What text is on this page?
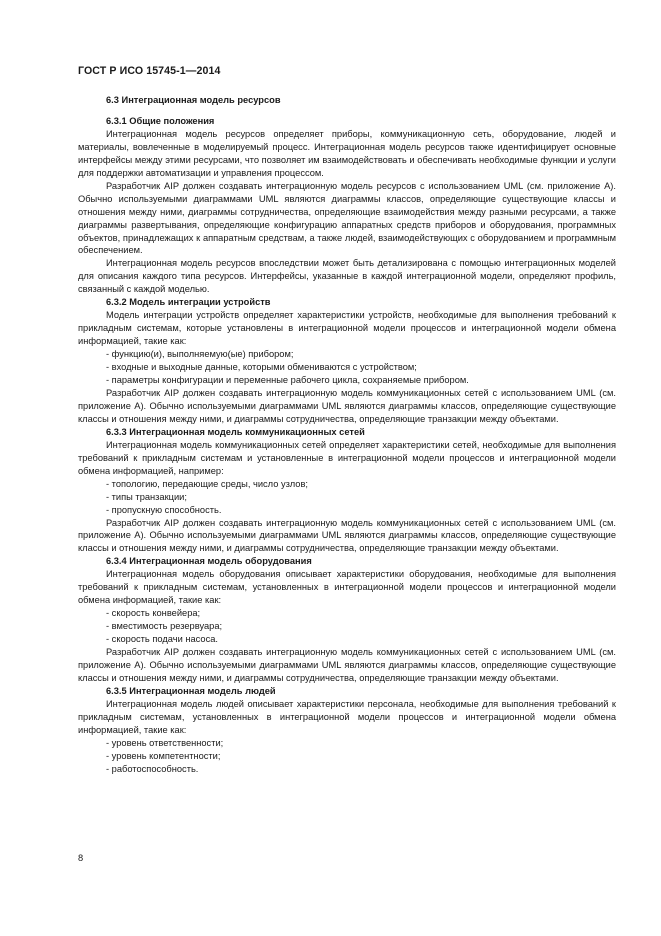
ГОСТ Р ИСО 15745-1—2014
6.3 Интеграционная модель ресурсов
6.3.1 Общие положения

Интеграционная модель ресурсов определяет приборы, коммуникационную сеть, оборудование, людей и материалы, вовлеченные в моделируемый процесс. Интеграционная модель ресурсов также идентифицирует основные интерфейсы между этими ресурсами, что позволяет им взаимодействовать и обеспечивать необходимые функции и услуги для поддержки автоматизации и управления процессом.

Разработчик AIP должен создавать интеграционную модель ресурсов с использованием UML (см. приложение А). Обычно используемыми диаграммами UML являются диаграммы классов, определяющие существующие классы и отношения между ними, диаграммы сотрудничества, определяющие взаимодействия между разными ресурсами, а также диаграммы развертывания, определяющие конфигурацию аппаратных средств приборов и оборудования, программных объектов, принадлежащих к аппаратным средствам, а также людей, взаимодействующих с оборудованием и программным обеспечением.

Интеграционная модель ресурсов впоследствии может быть детализирована с помощью интеграционных моделей для описания каждого типа ресурсов. Интерфейсы, указанные в каждой интеграционной модели, определяют профиль, связанный с каждой моделью.

6.3.2 Модель интеграции устройств

Модель интеграции устройств определяет характеристики устройств, необходимые для выполнения требований к прикладным системам, которые установлены в интеграционной модели процессов и интеграционной модели обмена информацией, такие как:

- функцию(и), выполняемую(ые) прибором;
- входные и выходные данные, которыми обмениваются с устройством;
- параметры конфигурации и переменные рабочего цикла, сохраняемые прибором.

Разработчик AIP должен создавать интеграционную модель коммуникационных сетей с использованием UML (см. приложение А). Обычно используемыми диаграммами UML являются диаграммы классов, определяющие существующие классы и отношения между ними, и диаграммы сотрудничества, определяющие транзакции между объектами.

6.3.3 Интеграционная модель коммуникационных сетей

Интеграционная модель коммуникационных сетей определяет характеристики сетей, необходимые для выполнения требований к прикладным системам и установленные в интеграционной модели процессов и интеграционной модели обмена информацией, например:

- топологию, передающие среды, число узлов;
- типы транзакции;
- пропускную способность.

Разработчик AIP должен создавать интеграционную модель коммуникационных сетей с использованием UML (см. приложение А). Обычно используемыми диаграммами UML являются диаграммы классов, определяющие существующие классы и отношения между ними, и диаграммы сотрудничества, определяющие транзакции между объектами.

6.3.4 Интеграционная модель оборудования

Интеграционная модель оборудования описывает характеристики оборудования, необходимые для выполнения требований к прикладным системам, установленных в интеграционной модели процессов и интеграционной модели обмена информацией, такие как:

- скорость конвейера;
- вместимость резервуара;
- скорость подачи насоса.

Разработчик AIP должен создавать интеграционную модель коммуникационных сетей с использованием UML (см. приложение А). Обычно используемыми диаграммами UML являются диаграммы классов, определяющие существующие классы и отношения между ними, и диаграммы сотрудничества, определяющие транзакции между объектами.

6.3.5 Интеграционная модель людей

Интеграционная модель людей описывает характеристики персонала, необходимые для выполнения требований к прикладным системам, установленных в интеграционной модели процессов и интеграционной модели обмена информацией, такие как:

- уровень ответственности;
- уровень компетентности;
- работоспособность.
8
